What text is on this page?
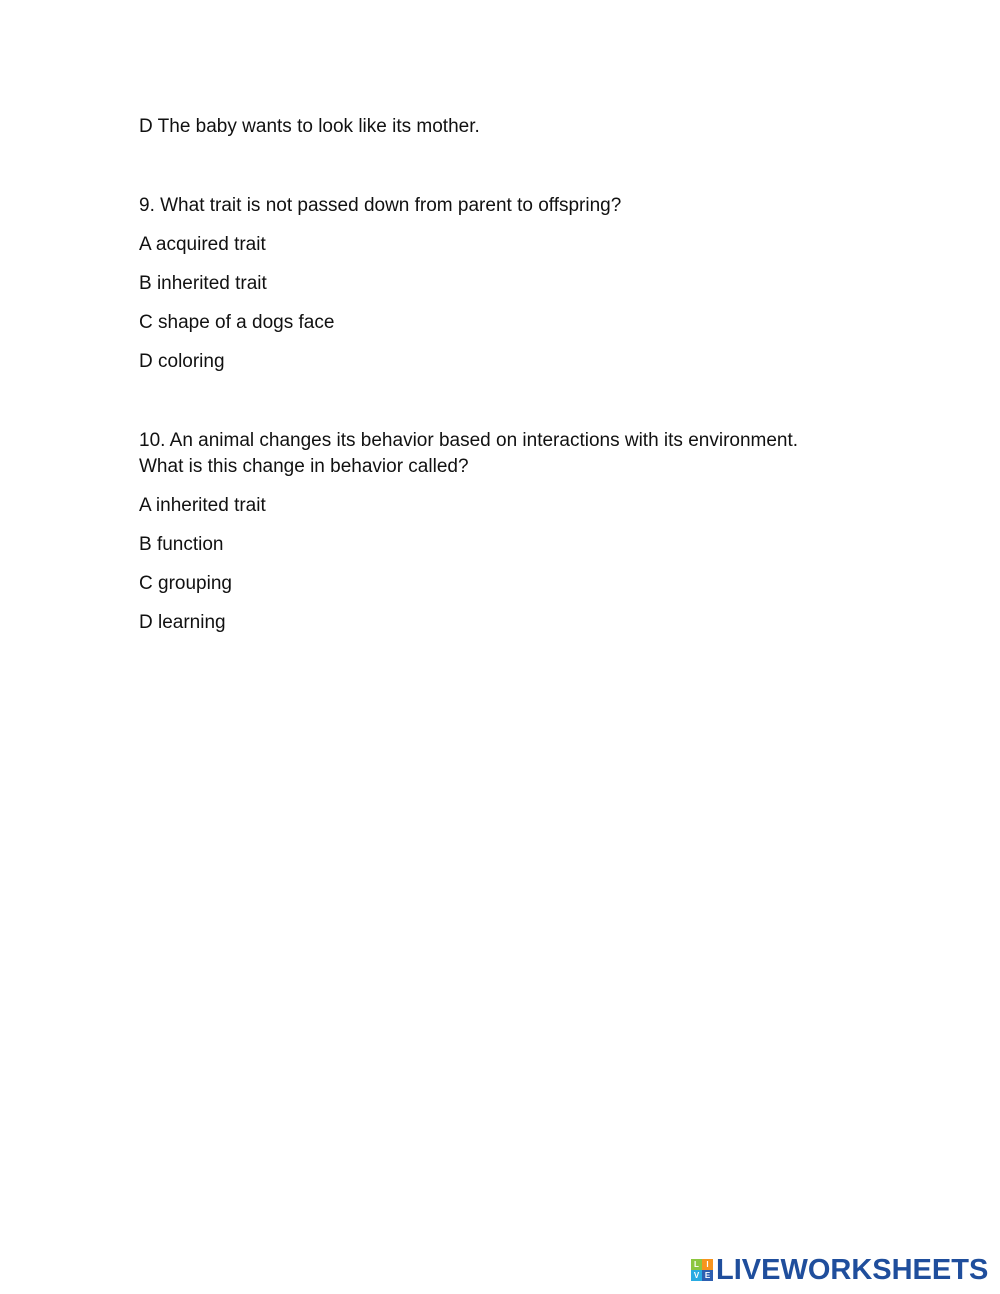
D The baby wants to look like its mother.

9. What trait is not passed down from parent to offspring?

A acquired trait

B inherited trait

C shape of a dogs face

D coloring

10. An animal changes its behavior based on interactions with its environment.

What is this change in behavior called?

A inherited trait

B function

C grouping

D learning

L I
V E LIVEWORKSHEETS
